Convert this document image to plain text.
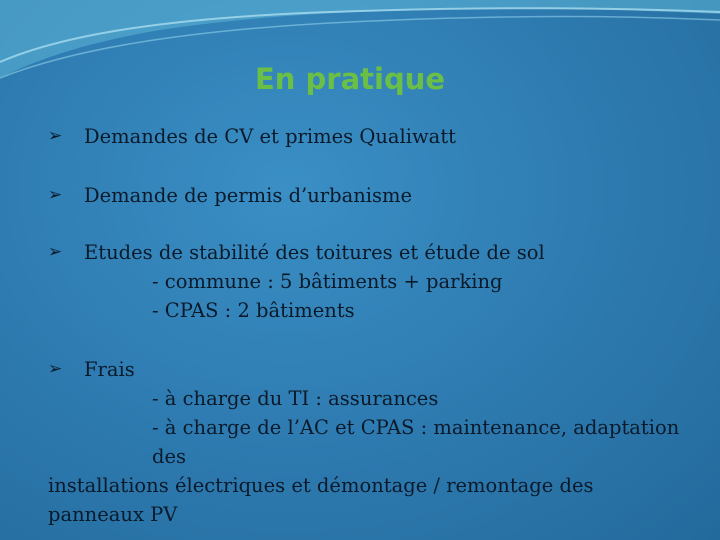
En pratique
➢ Demandes de CV et primes Qualiwatt
➢ Demande de permis d’urbanisme
➢ Etudes de stabilité des toitures et étude de sol
- commune : 5 bâtiments + parking
- CPAS : 2 bâtiments
➢ Frais
- à charge du TI : assurances
- à charge de l’AC et CPAS : maintenance, adaptation des
installations électriques et démontage / remontage des
panneaux PV
